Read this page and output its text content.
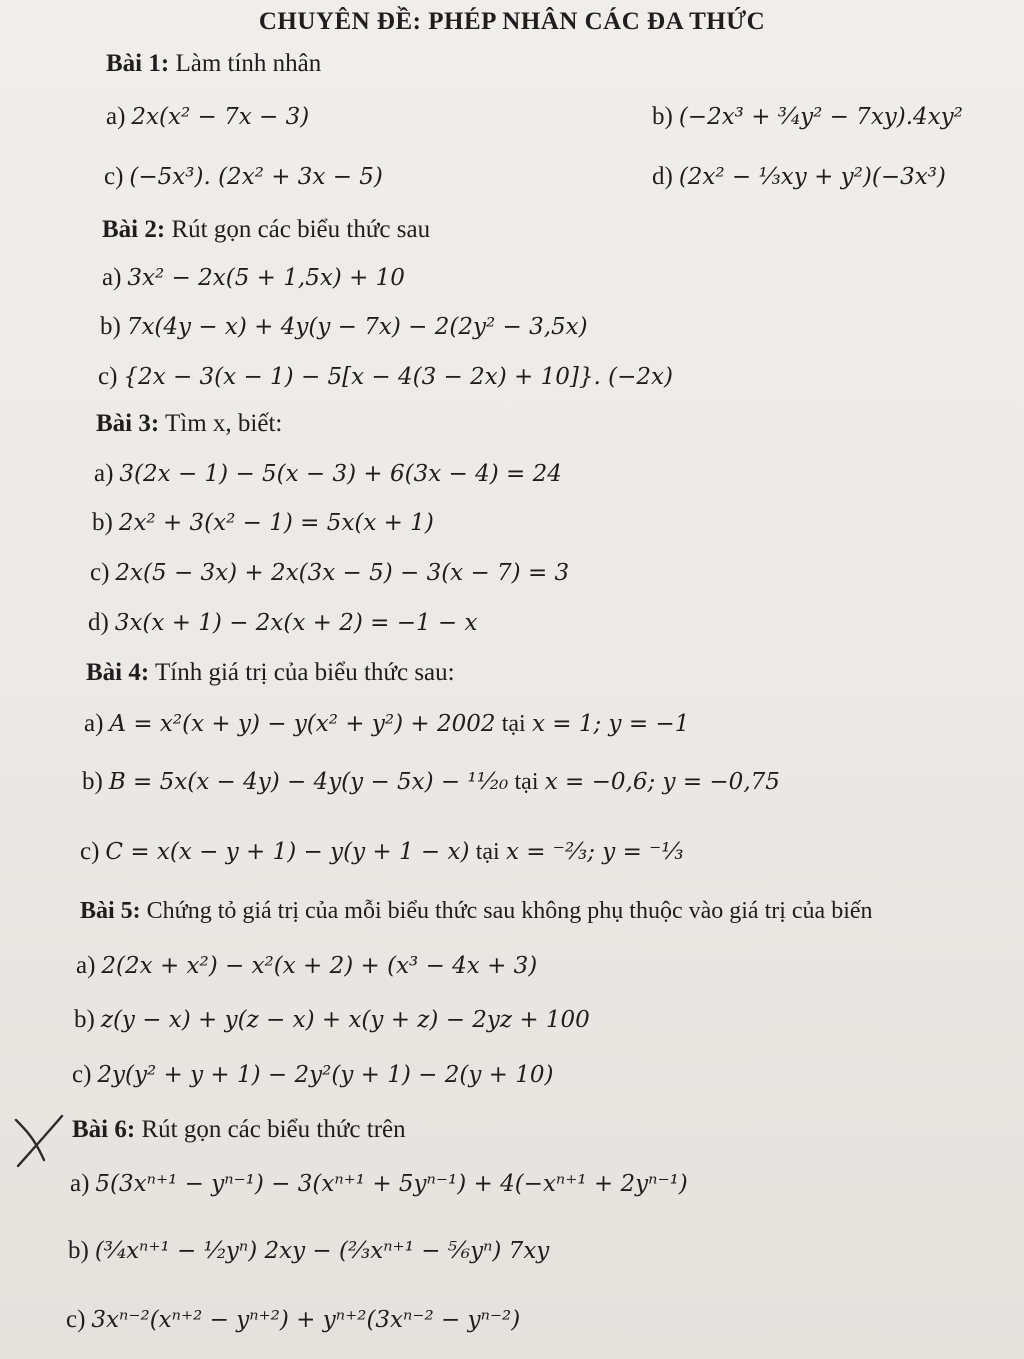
CHUYÊN ĐỀ: PHÉP NHÂN CÁC ĐA THỨC
Bài 1: Làm tính nhân
a) 2x(x² − 7x − 3)	b) (−2x³ + ³⁄₄y² − 7xy).4xy²
c) (−5x³). (2x² + 3x − 5)	d) (2x² − ¹⁄₃xy + y²)(−3x³)
Bài 2: Rút gọn các biểu thức sau
a) 3x² − 2x(5 + 1,5x) + 10
b) 7x(4y − x) + 4y(y − 7x) − 2(2y² − 3,5x)
c) {2x − 3(x − 1) − 5[x − 4(3 − 2x) + 10]}. (−2x)
Bài 3: Tìm x, biết:
a) 3(2x − 1) − 5(x − 3) + 6(3x − 4) = 24
b) 2x² + 3(x² − 1) = 5x(x + 1)
c) 2x(5 − 3x) + 2x(3x − 5) − 3(x − 7) = 3
d) 3x(x + 1) − 2x(x + 2) = −1 − x
Bài 4: Tính giá trị của biểu thức sau:
a) A = x²(x + y) − y(x² + y²) + 2002 tại x = 1; y = −1
b) B = 5x(x − 4y) − 4y(y − 5x) − ¹¹⁄₂₀ tại x = −0,6; y = −0,75
c) C = x(x − y + 1) − y(y + 1 − x) tại x = ⁻²⁄₃; y = ⁻¹⁄₃
Bài 5: Chứng tỏ giá trị của mỗi biểu thức sau không phụ thuộc vào giá trị của biến
a) 2(2x + x²) − x²(x + 2) + (x³ − 4x + 3)
b) z(y − x) + y(z − x) + x(y + z) − 2yz + 100
c) 2y(y² + y + 1) − 2y²(y + 1) − 2(y + 10)
Bài 6: Rút gọn các biểu thức trên
a) 5(3xⁿ⁺¹ − yⁿ⁻¹) − 3(xⁿ⁺¹ + 5yⁿ⁻¹) + 4(−xⁿ⁺¹ + 2yⁿ⁻¹)
b) (³⁄₄xⁿ⁺¹ − ¹⁄₂yⁿ) 2xy − (²⁄₃xⁿ⁺¹ − ⁵⁄₆yⁿ) 7xy
c) 3xⁿ⁻²(xⁿ⁺² − yⁿ⁺²) + yⁿ⁺²(3xⁿ⁻² − yⁿ⁻²)
